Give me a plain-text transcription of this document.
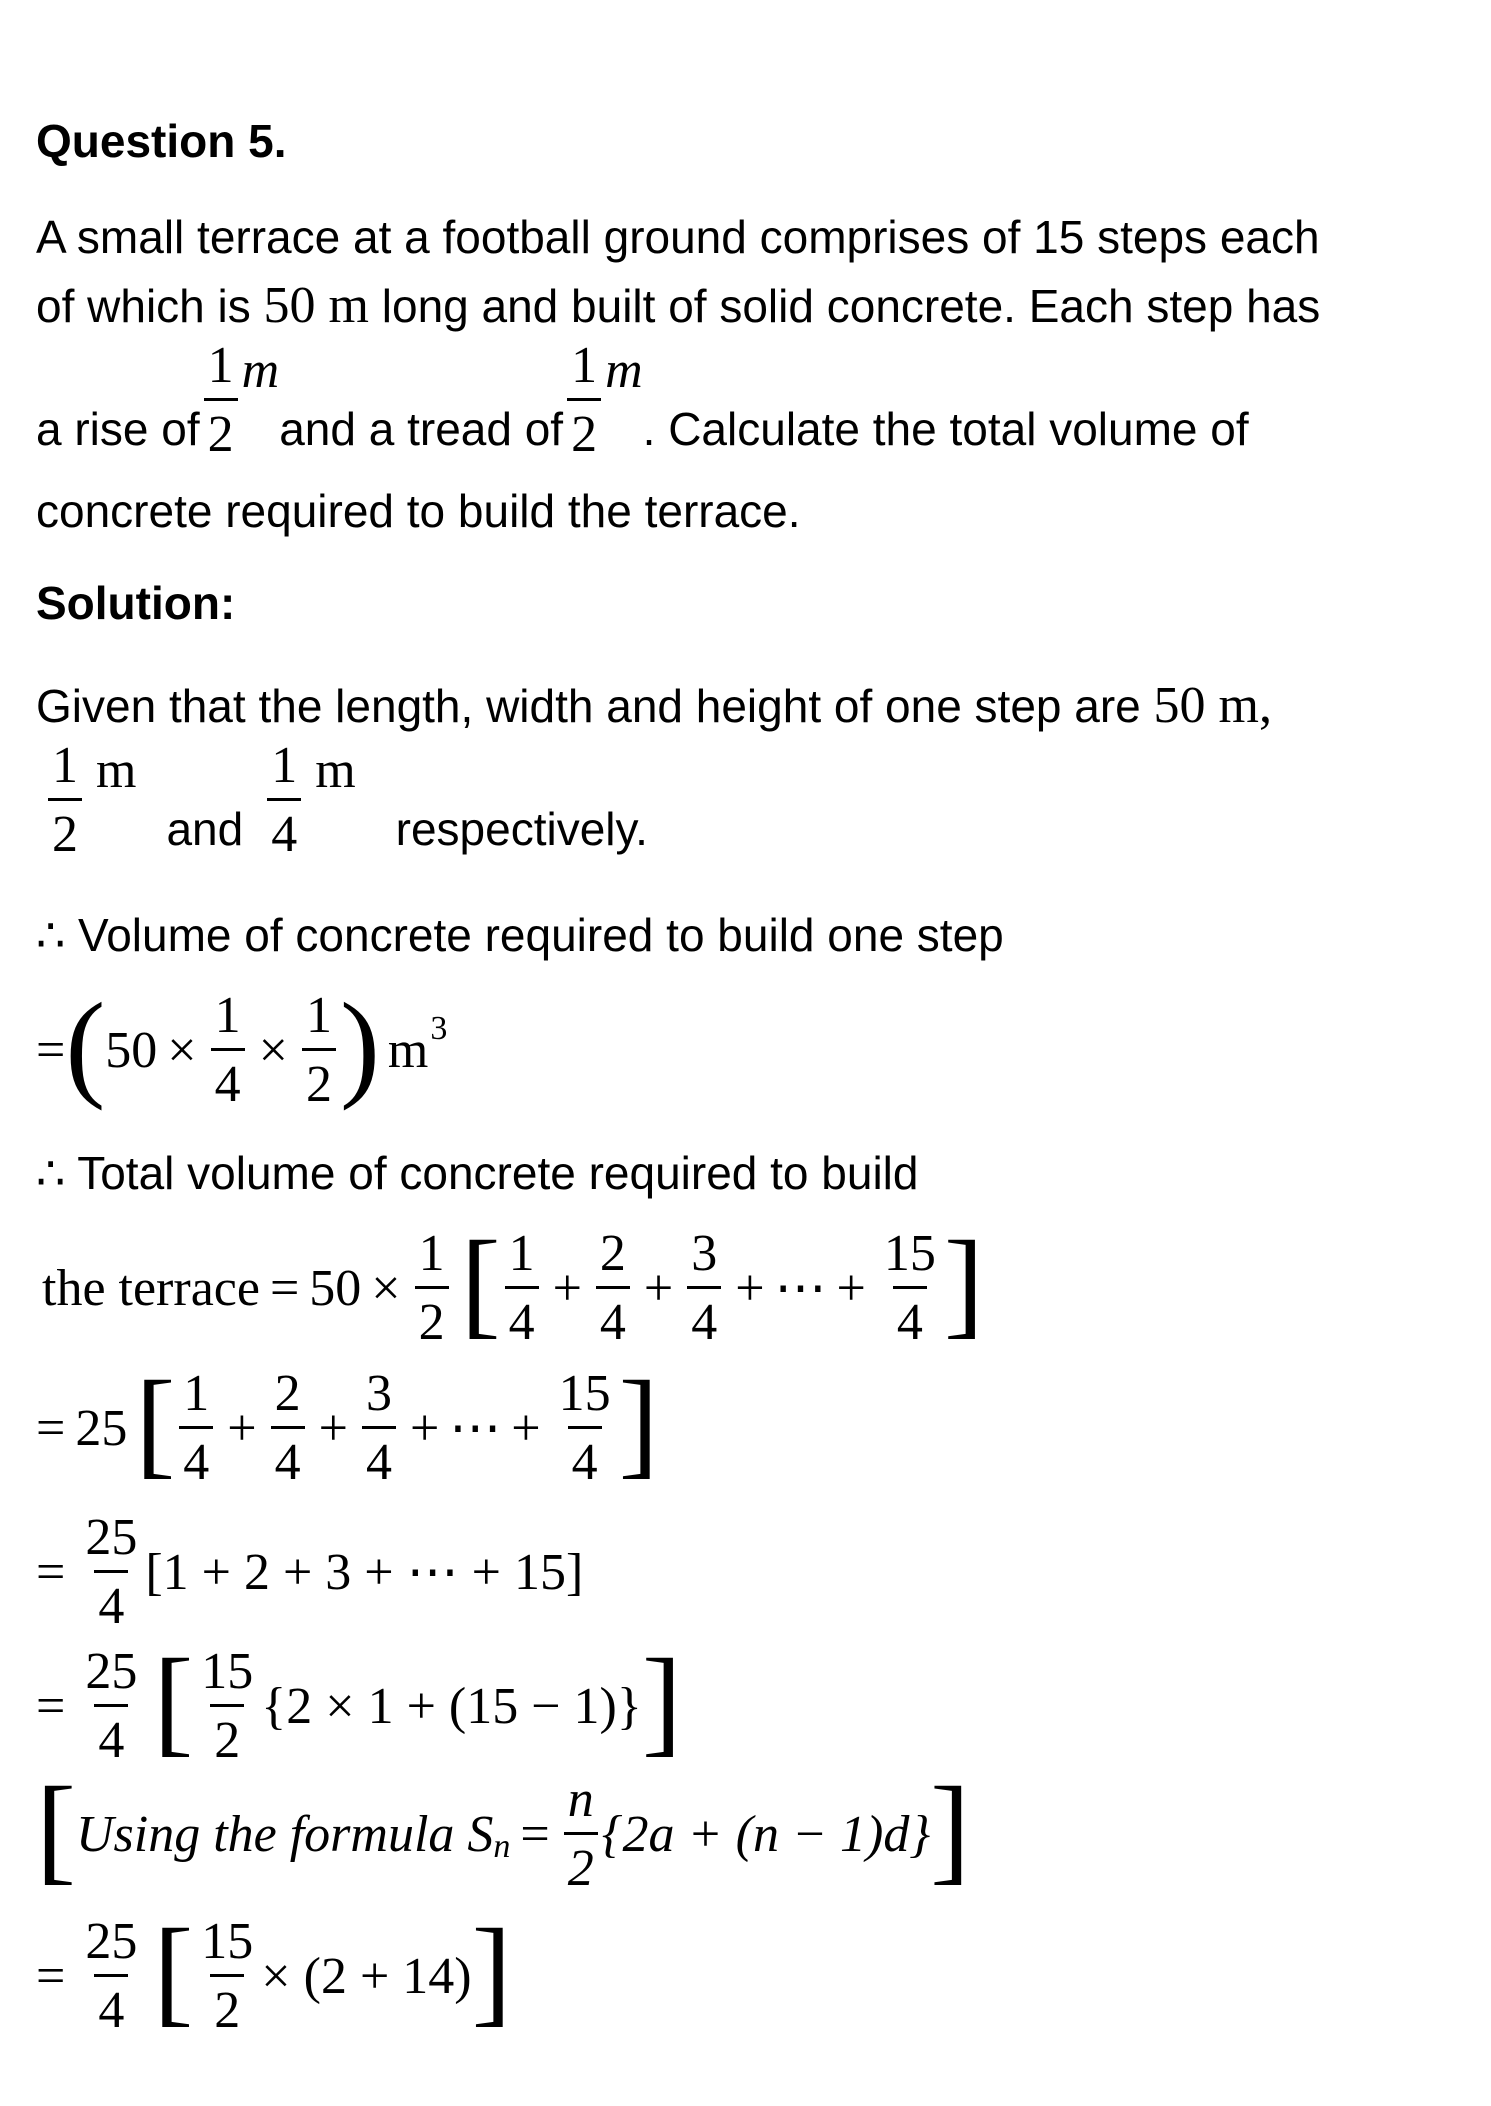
Question 5.
A small terrace at a football ground comprises of 15 steps each
of which is 50 m long and built of solid concrete. Each step has
a rise of $\frac{1}{2}$ m
and a tread of $\frac{1}{2}$ m
. Calculate the total volume of
concrete required to build the terrace.
Solution:
Given that the length, width and height of one step are 50 m,
$\frac{1}{2}$ m
and $\frac{1}{4}$ m
respectively.
∴ Volume of concrete required to build one step
= ( $50 \times \frac{1}{4} \times \frac{1}{2}$ ) m 3
∴ Total volume of concrete required to build
the terrace = $50 \times \frac{1}{2}$ [ $\frac{1}{4} + \frac{2}{4} + \frac{3}{4}$ + ⋯ + $\frac{15}{4}$ ]
= 25 [ $\frac{1}{4} + \frac{2}{4} + \frac{3}{4}$ + ⋯ + $\frac{15}{4}$ ]
= $\frac{25}{4} [1 + 2 + 3$ + ⋯ + 15]
= $\frac{25}{4}$ [ $\frac{15}{2} \{2 \times 1 + (15 - 1)\}$ ]
[ Using the formula S $n = \frac{n}{2} \{2a + (n - 1)d\}$ ]
= $\frac{25}{4}$ [ $\frac{15}{2} \times (2 + 14)$ ]
